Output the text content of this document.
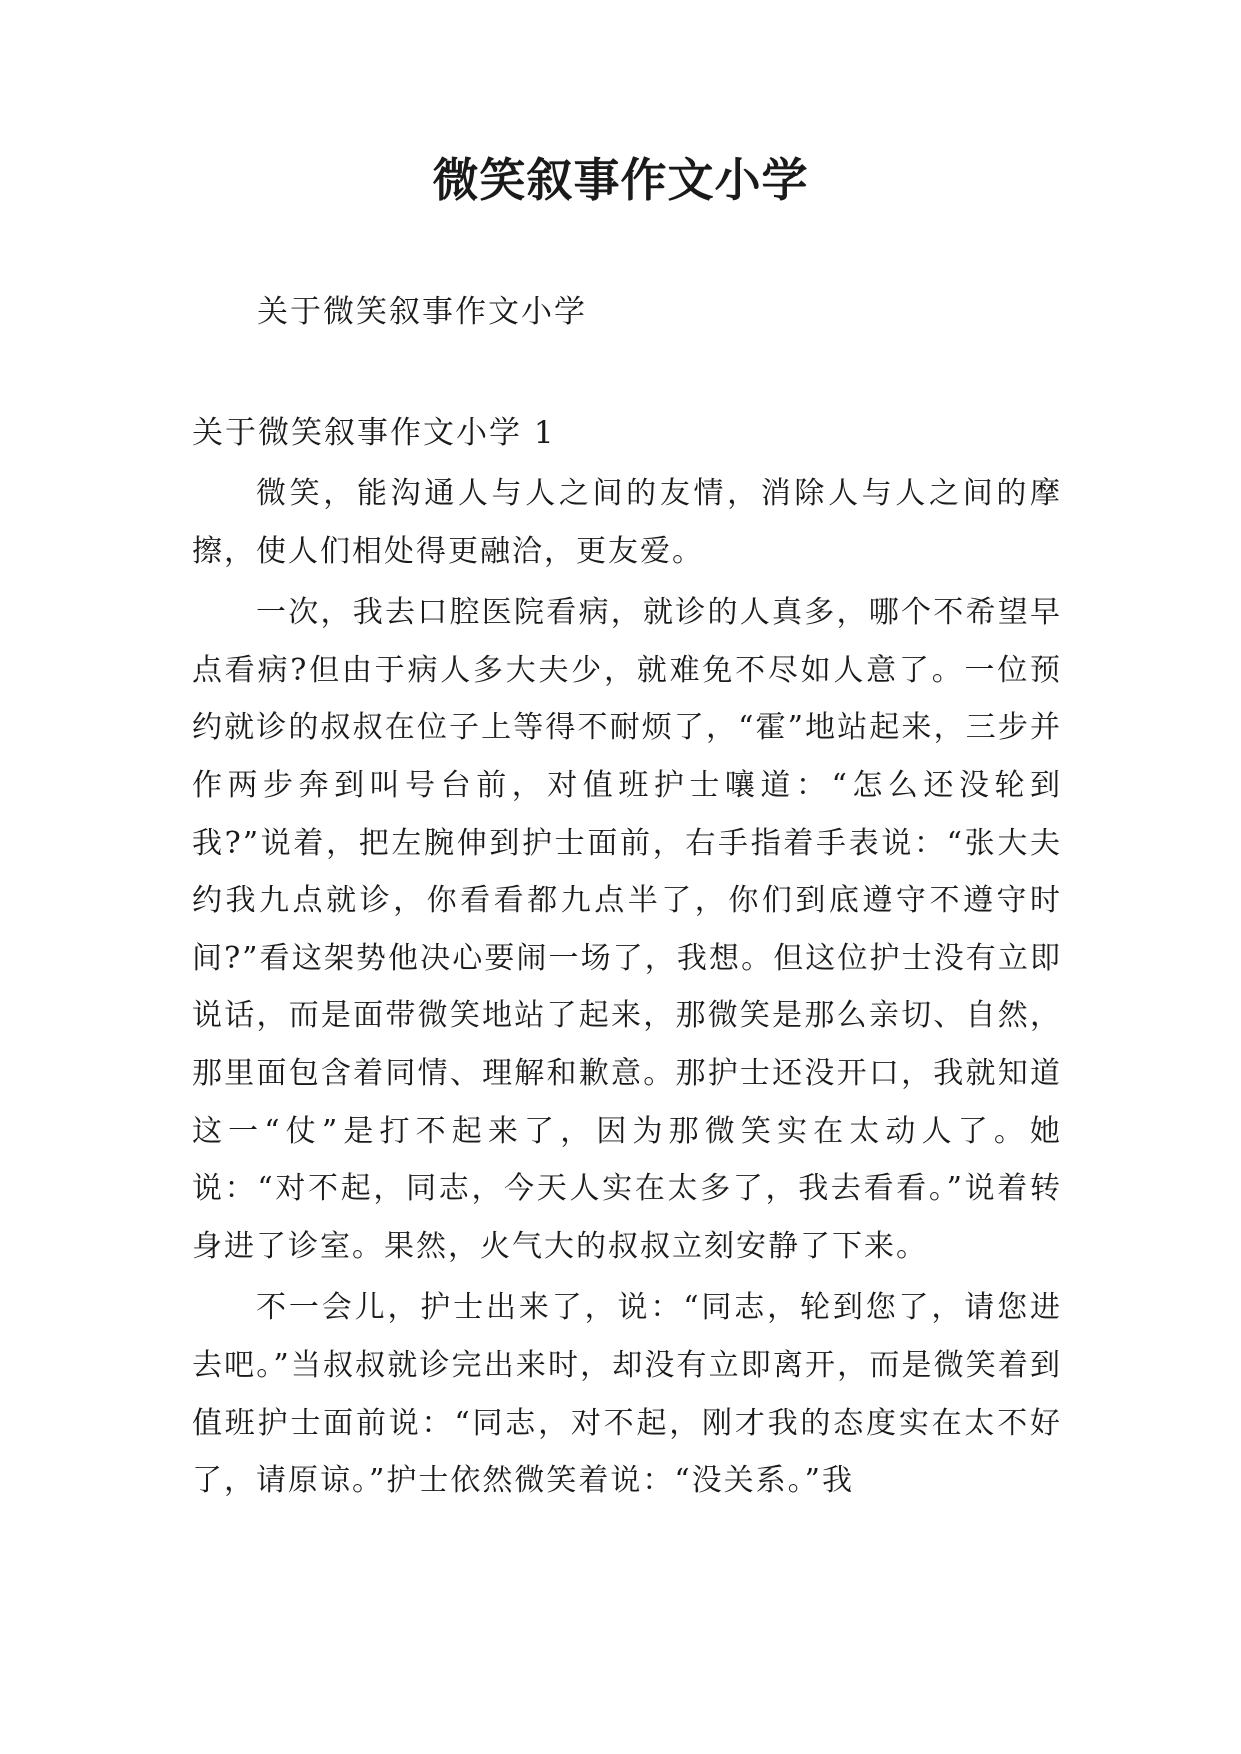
微笑叙事作文小学

关于微笑叙事作文小学

关于微笑叙事作文小学 1

微笑，能沟通人与人之间的友情，消除人与人之间的摩擦，使人们相处得更融洽，更友爱。

一次，我去口腔医院看病，就诊的人真多，哪个不希望早点看病?但由于病人多大夫少，就难免不尽如人意了。一位预约就诊的叔叔在位子上等得不耐烦了，“霍”地站起来，三步并作两步奔到叫号台前，对值班护士嚷道：“怎么还没轮到我?”说着，把左腕伸到护士面前，右手指着手表说：“张大夫约我九点就诊，你看看都九点半了，你们到底遵守不遵守时间?”看这架势他决心要闹一场了，我想。但这位护士没有立即说话，而是面带微笑地站了起来，那微笑是那么亲切、自然，那里面包含着同情、理解和歉意。那护士还没开口，我就知道这一“仗”是打不起来了，因为那微笑实在太动人了。她说：“对不起，同志，今天人实在太多了，我去看看。”说着转身进了诊室。果然，火气大的叔叔立刻安静了下来。

不一会儿，护士出来了，说：“同志，轮到您了，请您进去吧。”当叔叔就诊完出来时，却没有立即离开，而是微笑着到值班护士面前说：“同志，对不起，刚才我的态度实在太不好了，请原谅。”护士依然微笑着说：“没关系。”我
